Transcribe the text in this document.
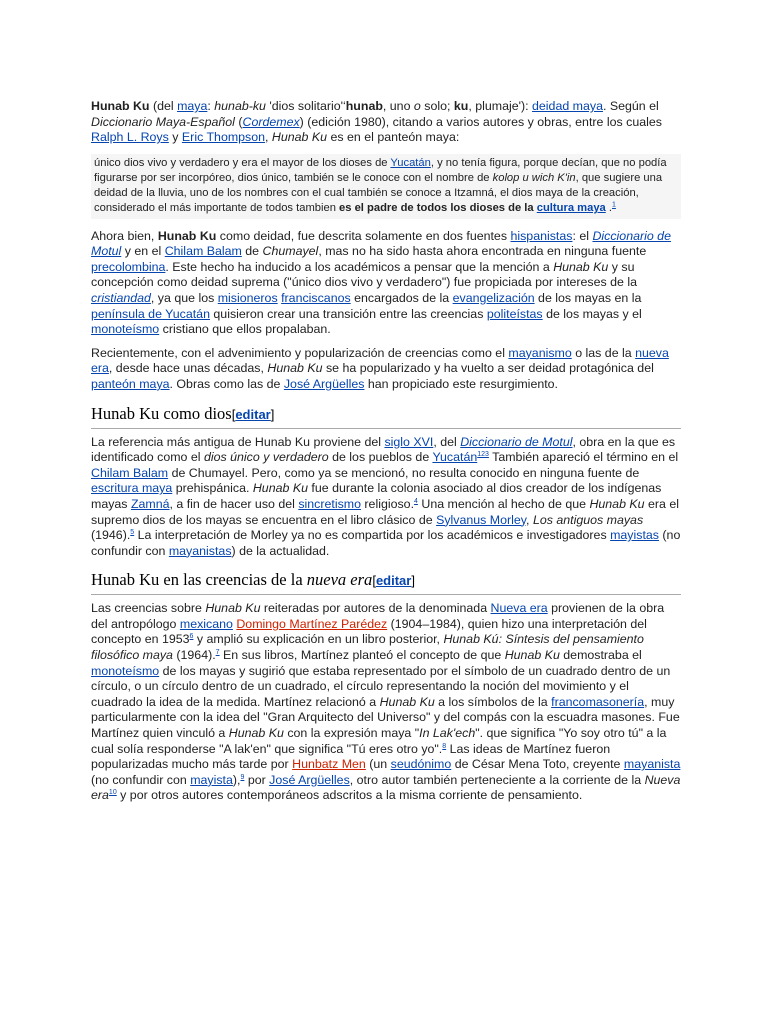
Hunab Ku (del maya: hunab-ku 'dios solitario'‘hunab, uno o solo; ku, plumaje'): deidad maya. Según el Diccionario Maya-Español (Cordemex) (edición 1980), citando a varios autores y obras, entre los cuales Ralph L. Roys y Eric Thompson, Hunab Ku es en el panteón maya:

único dios vivo y verdadero y era el mayor de los dioses de Yucatán, y no tenía figura, porque decían, que no podía figurarse por ser incorpóreo, dios único, también se le conoce con el nombre de kolop u wich K'in, que sugiere una deidad de la lluvia, uno de los nombres con el cual también se conoce a Itzamná, el dios maya de la creación, considerado el más importante de todos tambien es el padre de todos los dioses de la cultura maya .$^1$

Ahora bien, Hunab Ku como deidad, fue descrita solamente en dos fuentes hispanistas: el Diccionario de Motul y en el Chilam Balam de Chumayel, mas no ha sido hasta ahora encontrada en ninguna fuente precolombina. Este hecho ha inducido a los académicos a pensar que la mención a Hunab Ku y su concepción como deidad suprema ("único dios vivo y verdadero") fue propiciada por intereses de la cristiandad, ya que los misioneros franciscanos encargados de la evangelización de los mayas en la península de Yucatán quisieron crear una transición entre las creencias politeístas de los mayas y el monoteísmo cristiano que ellos propalaban.

Recientemente, con el advenimiento y popularización de creencias como el mayanismo o las de la nueva era, desde hace unas décadas, Hunab Ku se ha popularizado y ha vuelto a ser deidad protagónica del panteón maya. Obras como las de José Argüelles han propiciado este resurgimiento.

Hunab Ku como dios[editar]

La referencia más antigua de Hunab Ku proviene del siglo XVI, del Diccionario de Motul, obra en la que es identificado como el dios único y verdadero de los pueblos de Yucatán$^{123}$ También apareció el término en el Chilam Balam de Chumayel. Pero, como ya se mencionó, no resulta conocido en ninguna fuente de escritura maya prehispánica. Hunab Ku fue durante la colonia asociado al dios creador de los indígenas mayas Zamná, a fin de hacer uso del sincretismo religioso.$^4$ Una mención al hecho de que Hunab Ku era el supremo dios de los mayas se encuentra en el libro clásico de Sylvanus Morley, Los antiguos mayas (1946).$^5$ La interpretación de Morley ya no es compartida por los académicos e investigadores mayistas (no confundir con mayanistas) de la actualidad.

Hunab Ku en las creencias de la nueva era[editar]

Las creencias sobre Hunab Ku reiteradas por autores de la denominada Nueva era provienen de la obra del antropólogo mexicano Domingo Martínez Parédez (1904–1984), quien hizo una interpretación del concepto en 1953$^6$ y amplió su explicación en un libro posterior, Hunab Kú: Síntesis del pensamiento filosófico maya (1964).$^7$ En sus libros, Martínez planteó el concepto de que Hunab Ku demostraba el monoteísmo de los mayas y sugirió que estaba representado por el símbolo de un cuadrado dentro de un círculo, o un círculo dentro de un cuadrado, el círculo representando la noción del movimiento y el cuadrado la idea de la medida. Martínez relacionó a Hunab Ku a los símbolos de la francomasonería, muy particularmente con la idea del "Gran Arquitecto del Universo" y del compás con la escuadra masones. Fue Martínez quien vinculó a Hunab Ku con la expresión maya "In Lak'ech". que significa "Yo soy otro tú" a la cual solía responderse "A lak'en" que significa "Tú eres otro yo".$^8$ Las ideas de Martínez fueron popularizadas mucho más tarde por Hunbatz Men (un seudónimo de César Mena Toto, creyente mayanista (no confundir con mayista),$^9$ por José Argüelles, otro autor también perteneciente a la corriente de la Nueva era$^{10}$ y por otros autores contemporáneos adscritos a la misma corriente de pensamiento.
